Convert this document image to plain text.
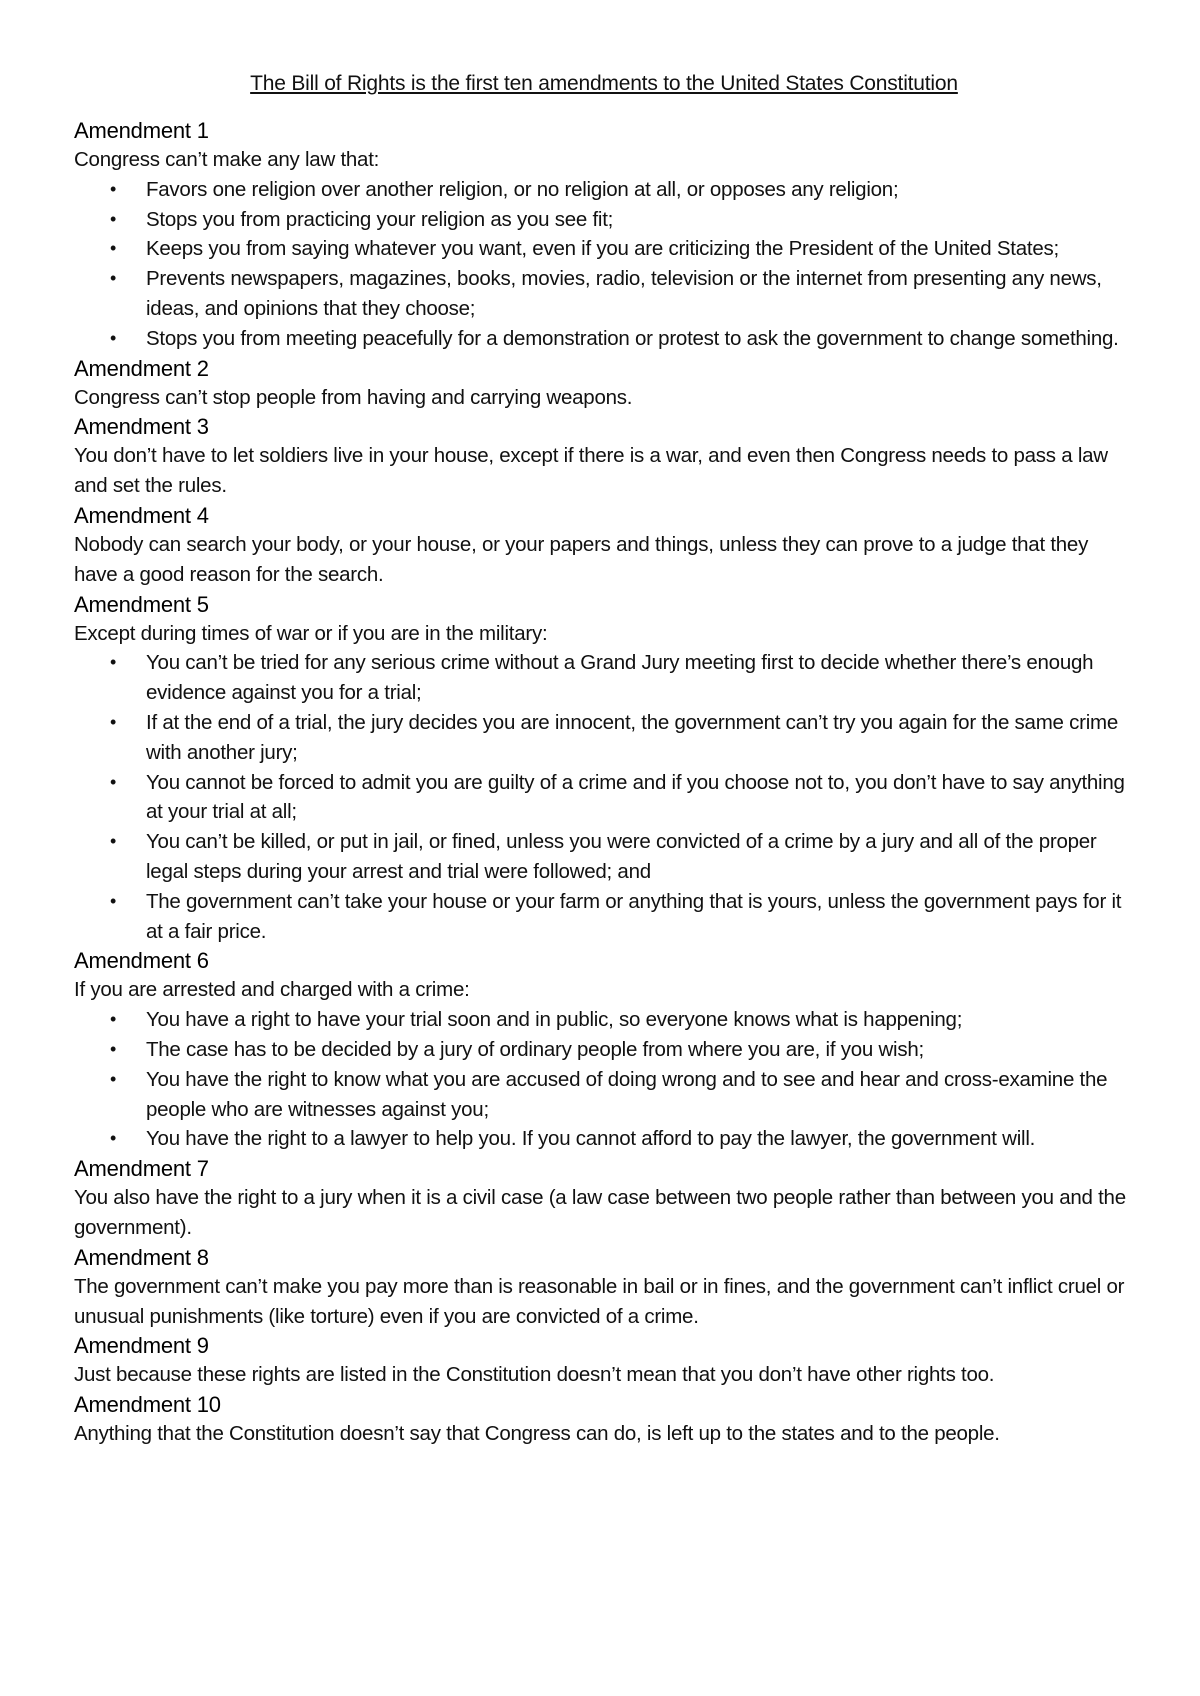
The Bill of Rights is the first ten amendments to the United States Constitution

Amendment 1

Congress can’t make any law that:

• Favors one religion over another religion, or no religion at all, or opposes any religion;
• Stops you from practicing your religion as you see fit;
• Keeps you from saying whatever you want, even if you are criticizing the President of the United States;
• Prevents newspapers, magazines, books, movies, radio, television or the internet from presenting any news, ideas, and opinions that they choose;
• Stops you from meeting peacefully for a demonstration or protest to ask the government to change something.

Amendment 2

Congress can’t stop people from having and carrying weapons.

Amendment 3

You don’t have to let soldiers live in your house, except if there is a war, and even then Congress needs to pass a law and set the rules.

Amendment 4

Nobody can search your body, or your house, or your papers and things, unless they can prove to a judge that they have a good reason for the search.

Amendment 5

Except during times of war or if you are in the military:

• You can’t be tried for any serious crime without a Grand Jury meeting first to decide whether there’s enough evidence against you for a trial;
• If at the end of a trial, the jury decides you are innocent, the government can’t try you again for the same crime with another jury;
• You cannot be forced to admit you are guilty of a crime and if you choose not to, you don’t have to say anything at your trial at all;
• You can’t be killed, or put in jail, or fined, unless you were convicted of a crime by a jury and all of the proper legal steps during your arrest and trial were followed; and
• The government can’t take your house or your farm or anything that is yours, unless the government pays for it at a fair price.

Amendment 6

If you are arrested and charged with a crime:

• You have a right to have your trial soon and in public, so everyone knows what is happening;
• The case has to be decided by a jury of ordinary people from where you are, if you wish;
• You have the right to know what you are accused of doing wrong and to see and hear and cross-examine the people who are witnesses against you;
• You have the right to a lawyer to help you. If you cannot afford to pay the lawyer, the government will.

Amendment 7

You also have the right to a jury when it is a civil case (a law case between two people rather than between you and the government).

Amendment 8

The government can’t make you pay more than is reasonable in bail or in fines, and the government can’t inflict cruel or unusual punishments (like torture) even if you are convicted of a crime.

Amendment 9

Just because these rights are listed in the Constitution doesn’t mean that you don’t have other rights too.

Amendment 10

Anything that the Constitution doesn’t say that Congress can do, is left up to the states and to the people.
